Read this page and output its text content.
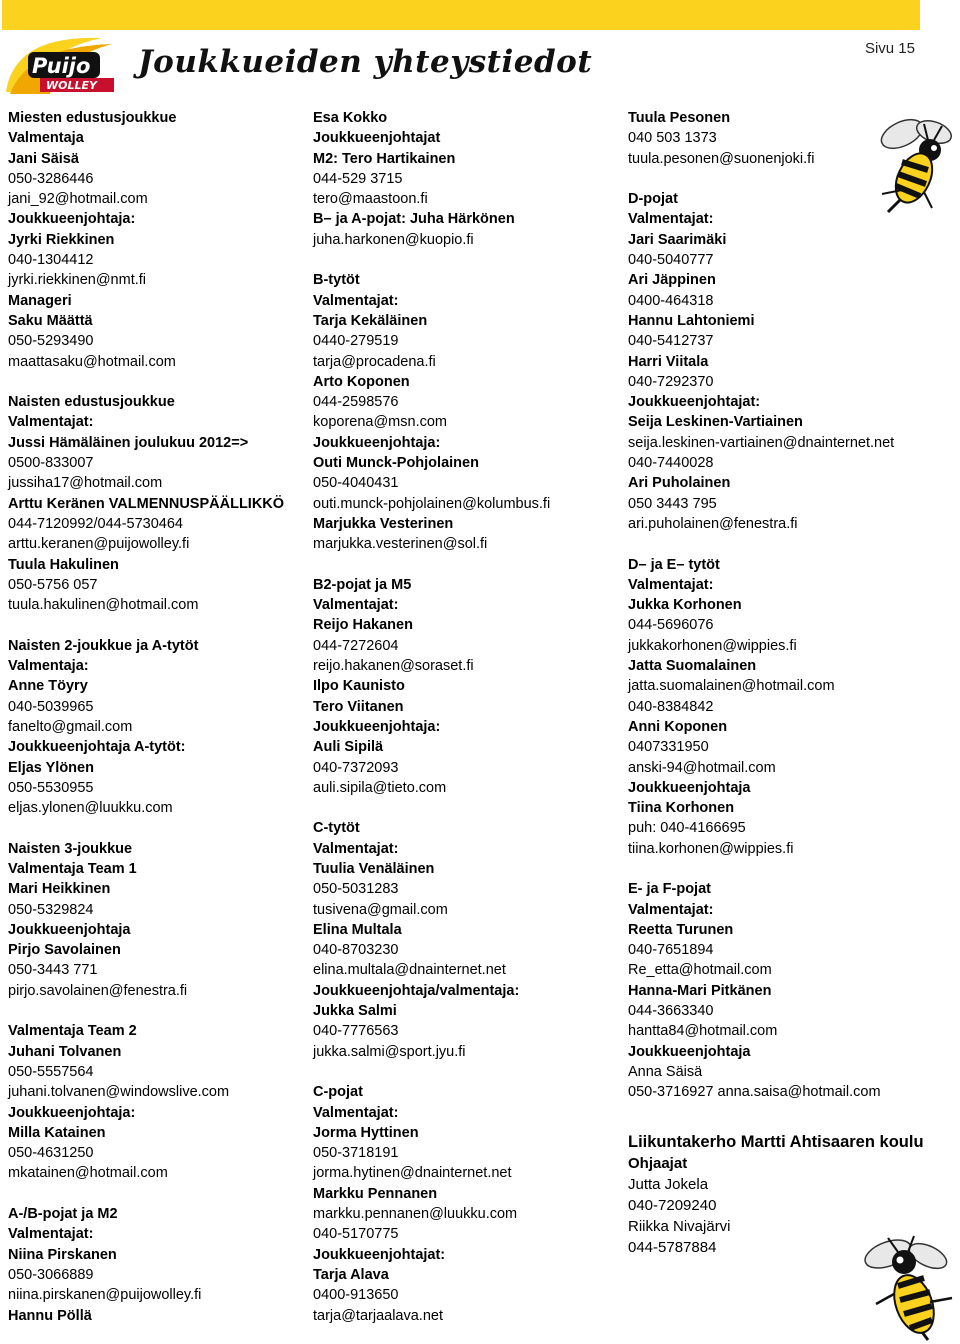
Puijo
WOLLEY
Joukkueiden yhteystiedot	Sivu 15
Miesten edustusjoukkue
Valmentaja
Jani Säisä
050-3286446
jani_92@hotmail.com
Joukkueenjohtaja:
Jyrki Riekkinen
040-1304412
jyrki.riekkinen@nmt.fi
Manageri
Saku Määttä
050-5293490
maattasaku@hotmail.com
Naisten edustusjoukkue
Valmentajat:
Jussi Hämäläinen joulukuu 2012=>
0500-833007
jussiha17@hotmail.com
Arttu Keränen VALMENNUSPÄÄLLIKKÖ
044-7120992/044-5730464
arttu.keranen@puijowolley.fi
Tuula Hakulinen
050-5756 057
tuula.hakulinen@hotmail.com
Naisten 2-joukkue ja A-tytöt
Valmentaja:
Anne Töyry
040-5039965
fanelto@gmail.com
Joukkueenjohtaja A-tytöt:
Eljas Ylönen
050-5530955
eljas.ylonen@luukku.com
Naisten 3-joukkue
Valmentaja Team 1
Mari Heikkinen
050-5329824
Joukkueenjohtaja
Pirjo Savolainen
050-3443 771
pirjo.savolainen@fenestra.fi
Valmentaja Team 2
Juhani Tolvanen
050-5557564
juhani.tolvanen@windowslive.com
Joukkueenjohtaja:
Milla Katainen
050-4631250
mkatainen@hotmail.com
A-/B-pojat ja M2
Valmentajat:
Niina Pirskanen
050-3066889
niina.pirskanen@puijowolley.fi
Hannu Pöllä
Esa Kokko
Joukkueenjohtajat
M2: Tero Hartikainen
044-529 3715
tero@maastoon.fi
B– ja A-pojat: Juha Härkönen
juha.harkonen@kuopio.fi
B-tytöt
Valmentajat:
Tarja Kekäläinen
0440-279519
tarja@procadena.fi
Arto Koponen
044-2598576
koporena@msn.com
Joukkueenjohtaja:
Outi Munck-Pohjolainen
050-4040431
outi.munck-pohjolainen@kolumbus.fi
Marjukka Vesterinen
marjukka.vesterinen@sol.fi
B2-pojat ja M5
Valmentajat:
Reijo Hakanen
044-7272604
reijo.hakanen@soraset.fi
Ilpo Kaunisto
Tero Viitanen
Joukkueenjohtaja:
Auli Sipilä
040-7372093
auli.sipila@tieto.com
C-tytöt
Valmentajat:
Tuulia Venäläinen
050-5031283
tusivena@gmail.com
Elina Multala
040-8703230
elina.multala@dnainternet.net
Joukkueenjohtaja/valmentaja:
Jukka Salmi
040-7776563
jukka.salmi@sport.jyu.fi
C-pojat
Valmentajat:
Jorma Hyttinen
050-3718191
jorma.hytinen@dnainternet.net
Markku Pennanen
markku.pennanen@luukku.com
040-5170775
Joukkueenjohtajat:
Tarja Alava
0400-913650
tarja@tarjaalava.net
Tuula Pesonen
040 503 1373
tuula.pesonen@suonenjoki.fi
D-pojat
Valmentajat:
Jari Saarimäki
040-5040777
Ari Jäppinen
0400-464318
Hannu Lahtoniemi
040-5412737
Harri Viitala
040-7292370
Joukkueenjohtajat:
Seija Leskinen-Vartiainen
seija.leskinen-vartiainen@dnainternet.net
040-7440028
Ari Puholainen
050 3443 795
ari.puholainen@fenestra.fi
D– ja E– tytöt
Valmentajat:
Jukka Korhonen
044-5696076
jukkakorhonen@wippies.fi
Jatta Suomalainen
jatta.suomalainen@hotmail.com
040-8384842
Anni Koponen
0407331950
anski-94@hotmail.com
Joukkueenjohtaja
Tiina Korhonen
puh: 040-4166695
tiina.korhonen@wippies.fi
E- ja F-pojat
Valmentajat:
Reetta Turunen
040-7651894
Re_etta@hotmail.com
Hanna-Mari Pitkänen
044-3663340
hantta84@hotmail.com
Joukkueenjohtaja
Anna Säisä
050-3716927 anna.saisa@hotmail.com
Liikuntakerho Martti Ahtisaaren koulu
Ohjaajat
Jutta Jokela
040-7209240
Riikka Nivajärvi
044-5787884
